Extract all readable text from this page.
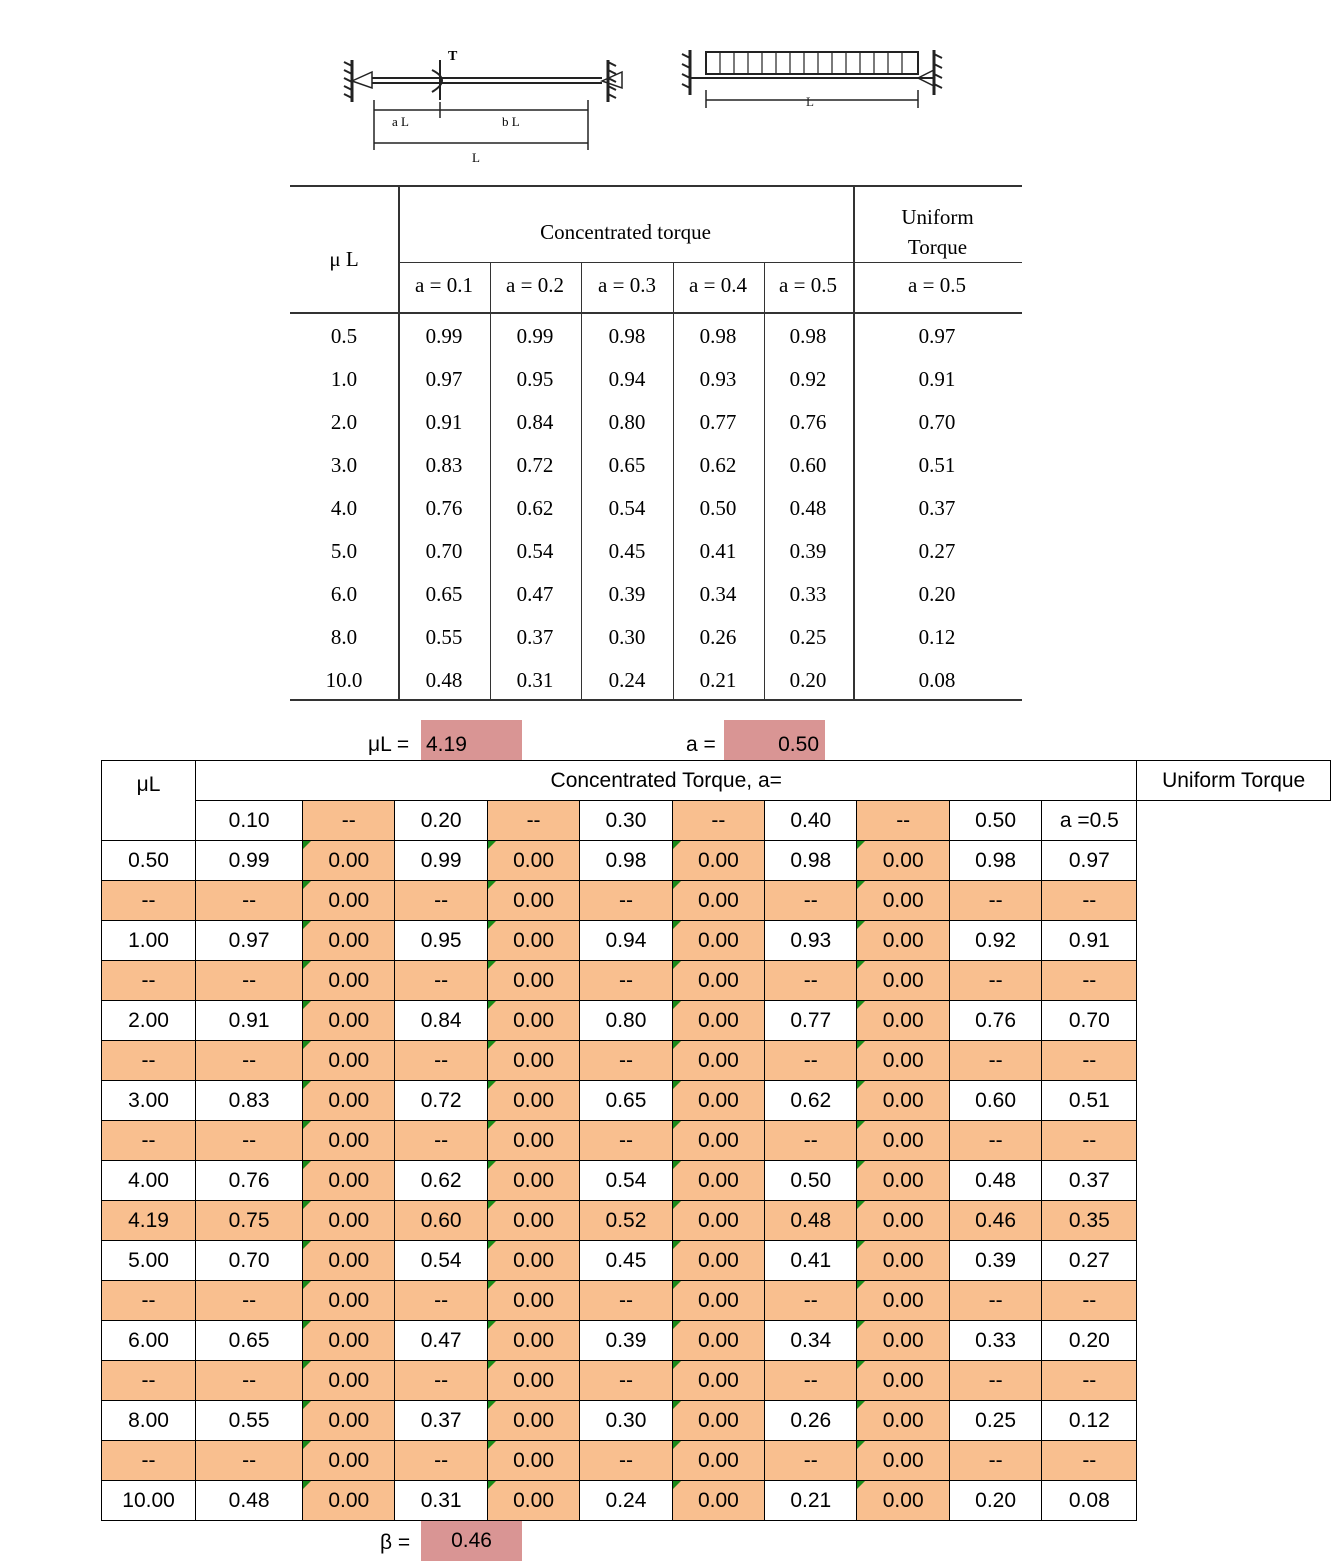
T
a L	b L
L
L
μ L
Concentrated torque
Uniform
Torque
a = 0.1	a = 0.2	a = 0.3	a = 0.4	a = 0.5	a = 0.5
0.5	0.99	0.99	0.98	0.98	0.98	0.97
1.0	0.97	0.95	0.94	0.93	0.92	0.91
2.0	0.91	0.84	0.80	0.77	0.76	0.70
3.0	0.83	0.72	0.65	0.62	0.60	0.51
4.0	0.76	0.62	0.54	0.50	0.48	0.37
5.0	0.70	0.54	0.45	0.41	0.39	0.27
6.0	0.65	0.47	0.39	0.34	0.33	0.20
8.0	0.55	0.37	0.30	0.26	0.25	0.12
10.0	0.48	0.31	0.24	0.21	0.20	0.08
μL = 4.19	a =	0.50
μL	Concentrated Torque, a=										Uniform Torque
	0.10	--	0.20	--	0.30	--	0.40	--	0.50	a =0.5	
0.50	0.99	0.00	0.99	0.00	0.98	0.00	0.98	0.00	0.98	0.97	
--	--	0.00	--	0.00	--	0.00	--	0.00	--	--	
1.00	0.97	0.00	0.95	0.00	0.94	0.00	0.93	0.00	0.92	0.91	
--	--	0.00	--	0.00	--	0.00	--	0.00	--	--	
2.00	0.91	0.00	0.84	0.00	0.80	0.00	0.77	0.00	0.76	0.70	
--	--	0.00	--	0.00	--	0.00	--	0.00	--	--	
3.00	0.83	0.00	0.72	0.00	0.65	0.00	0.62	0.00	0.60	0.51	
--	--	0.00	--	0.00	--	0.00	--	0.00	--	--	
4.00	0.76	0.00	0.62	0.00	0.54	0.00	0.50	0.00	0.48	0.37	
4.19	0.75	0.00	0.60	0.00	0.52	0.00	0.48	0.00	0.46	0.35	
5.00	0.70	0.00	0.54	0.00	0.45	0.00	0.41	0.00	0.39	0.27	
--	--	0.00	--	0.00	--	0.00	--	0.00	--	--	
6.00	0.65	0.00	0.47	0.00	0.39	0.00	0.34	0.00	0.33	0.20	
--	--	0.00	--	0.00	--	0.00	--	0.00	--	--	
8.00	0.55	0.00	0.37	0.00	0.30	0.00	0.26	0.00	0.25	0.12	
--	--	0.00	--	0.00	--	0.00	--	0.00	--	--	
10.00	0.48	0.00	0.31	0.00	0.24	0.00	0.21	0.00	0.20	0.08	
β =	0.46
